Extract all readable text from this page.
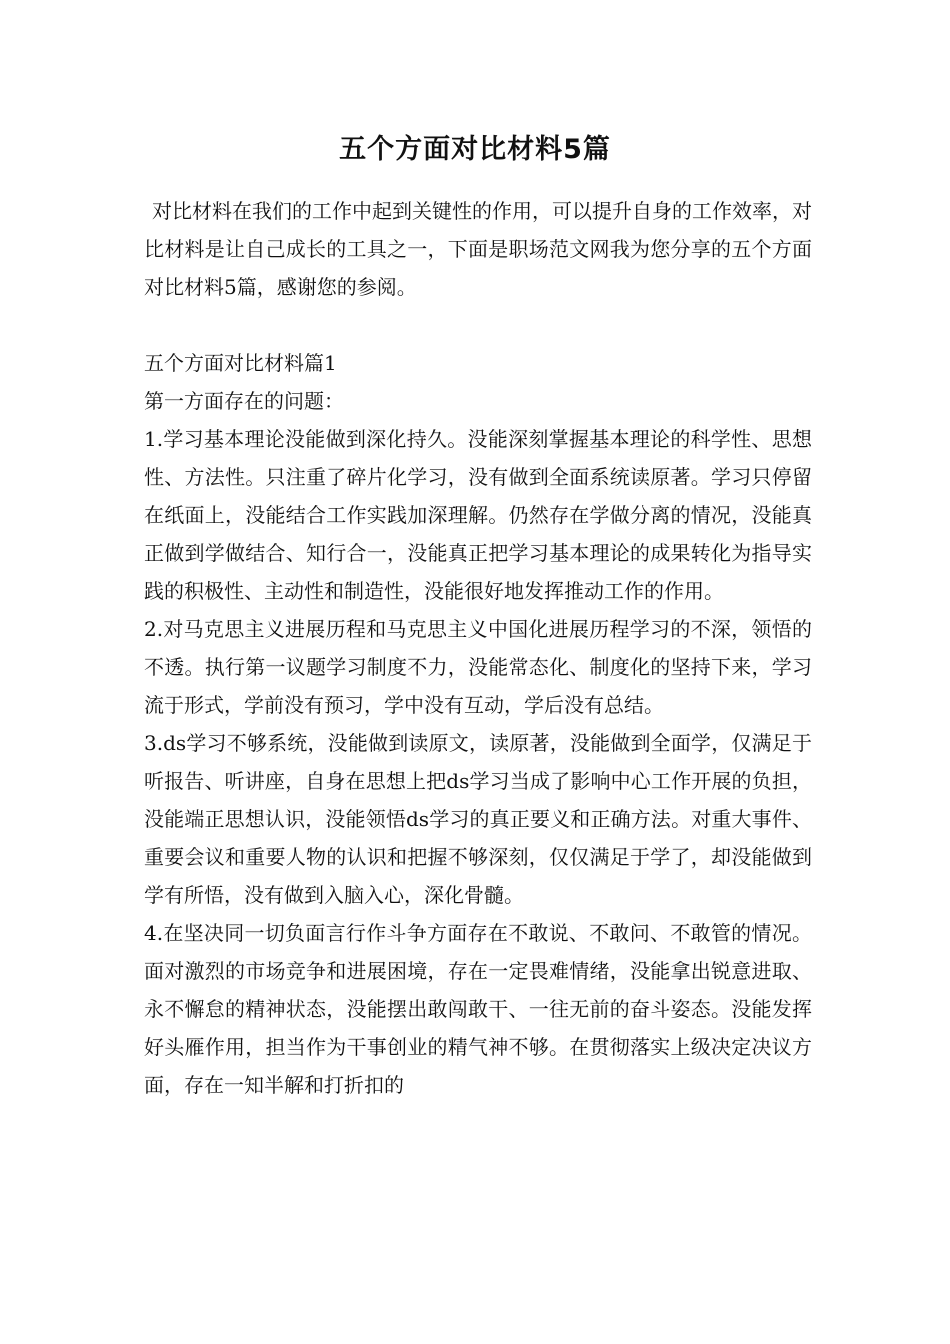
五个方面对比材料5篇

对比材料在我们的工作中起到关键性的作用，可以提升自身的工作效率，对比材料是让自己成长的工具之一，下面是职场范文网我为您分享的五个方面对比材料5篇，感谢您的参阅。

五个方面对比材料篇1

第一方面存在的问题：

1.学习基本理论没能做到深化持久。没能深刻掌握基本理论的科学性、思想性、方法性。只注重了碎片化学习，没有做到全面系统读原著。学习只停留在纸面上，没能结合工作实践加深理解。仍然存在学做分离的情况，没能真正做到学做结合、知行合一，没能真正把学习基本理论的成果转化为指导实践的积极性、主动性和制造性，没能很好地发挥推动工作的作用。

2.对马克思主义进展历程和马克思主义中国化进展历程学习的不深，领悟的不透。执行第一议题学习制度不力，没能常态化、制度化的坚持下来，学习流于形式，学前没有预习，学中没有互动，学后没有总结。

3.ds学习不够系统，没能做到读原文，读原著，没能做到全面学，仅满足于听报告、听讲座，自身在思想上把ds学习当成了影响中心工作开展的负担，没能端正思想认识，没能领悟ds学习的真正要义和正确方法。对重大事件、重要会议和重要人物的认识和把握不够深刻，仅仅满足于学了，却没能做到学有所悟，没有做到入脑入心，深化骨髓。

4.在坚决同一切负面言行作斗争方面存在不敢说、不敢问、不敢管的情况。面对激烈的市场竞争和进展困境，存在一定畏难情绪，没能拿出锐意进取、永不懈怠的精神状态，没能摆出敢闯敢干、一往无前的奋斗姿态。没能发挥好头雁作用，担当作为干事创业的精气神不够。在贯彻落实上级决定决议方面，存在一知半解和打折扣的
